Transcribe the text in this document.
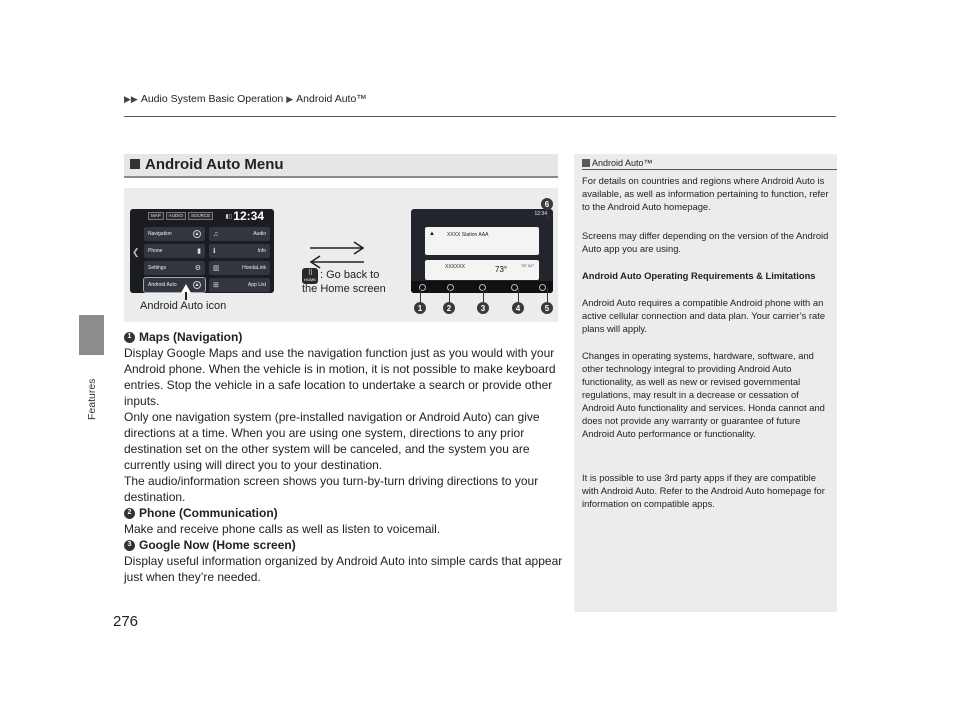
▶▶ Audio System Basic Operation ▶ Android Auto™
Features
276
Android Auto Menu
MAP	AUDIO	SOURCE	▮▯ 12:34
❮
Navigation	▲ ♫	Audio
Phone	▮ ℹ	Info
Settings	⚙ ▥	HondaLink
Android Auto	▲ ⊞	App List
Android Auto icon
⠿
HOME : Go back to
the Home screen
12:34
▲ XXXX Station AAA
XXXXXX	73°	76° 62°
1	2	3	4	5
6
1 Maps (Navigation)

Display Google Maps and use the navigation function just as you would with your Android phone. When the vehicle is in motion, it is not possible to make keyboard entries. Stop the vehicle in a safe location to undertake a search or provide other inputs.

Only one navigation system (pre-installed navigation or Android Auto) can give directions at a time. When you are using one system, directions to any prior destination set on the other system will be canceled, and the system you are currently using will direct you to your destination.

The audio/information screen shows you turn-by-turn driving directions to your destination.

2 Phone (Communication)

Make and receive phone calls as well as listen to voicemail.

3 Google Now (Home screen)

Display useful information organized by Android Auto into simple cards that appear just when they’re needed.

Android Auto™
For details on countries and regions where Android Auto is available, as well as information pertaining to function, refer to the Android Auto homepage.
Screens may differ depending on the version of the Android Auto app you are using.
Android Auto Operating Requirements & Limitations
Android Auto requires a compatible Android phone with an active cellular connection and data plan. Your carrier’s rate plans will apply.
Changes in operating systems, hardware, software, and other technology integral to providing Android Auto functionality, as well as new or revised governmental regulations, may result in a decrease or cessation of Android Auto functionality and services. Honda cannot and does not provide any warranty or guarantee of future Android Auto performance or functionality.
It is possible to use 3rd party apps if they are compatible with Android Auto. Refer to the Android Auto homepage for information on compatible apps.
